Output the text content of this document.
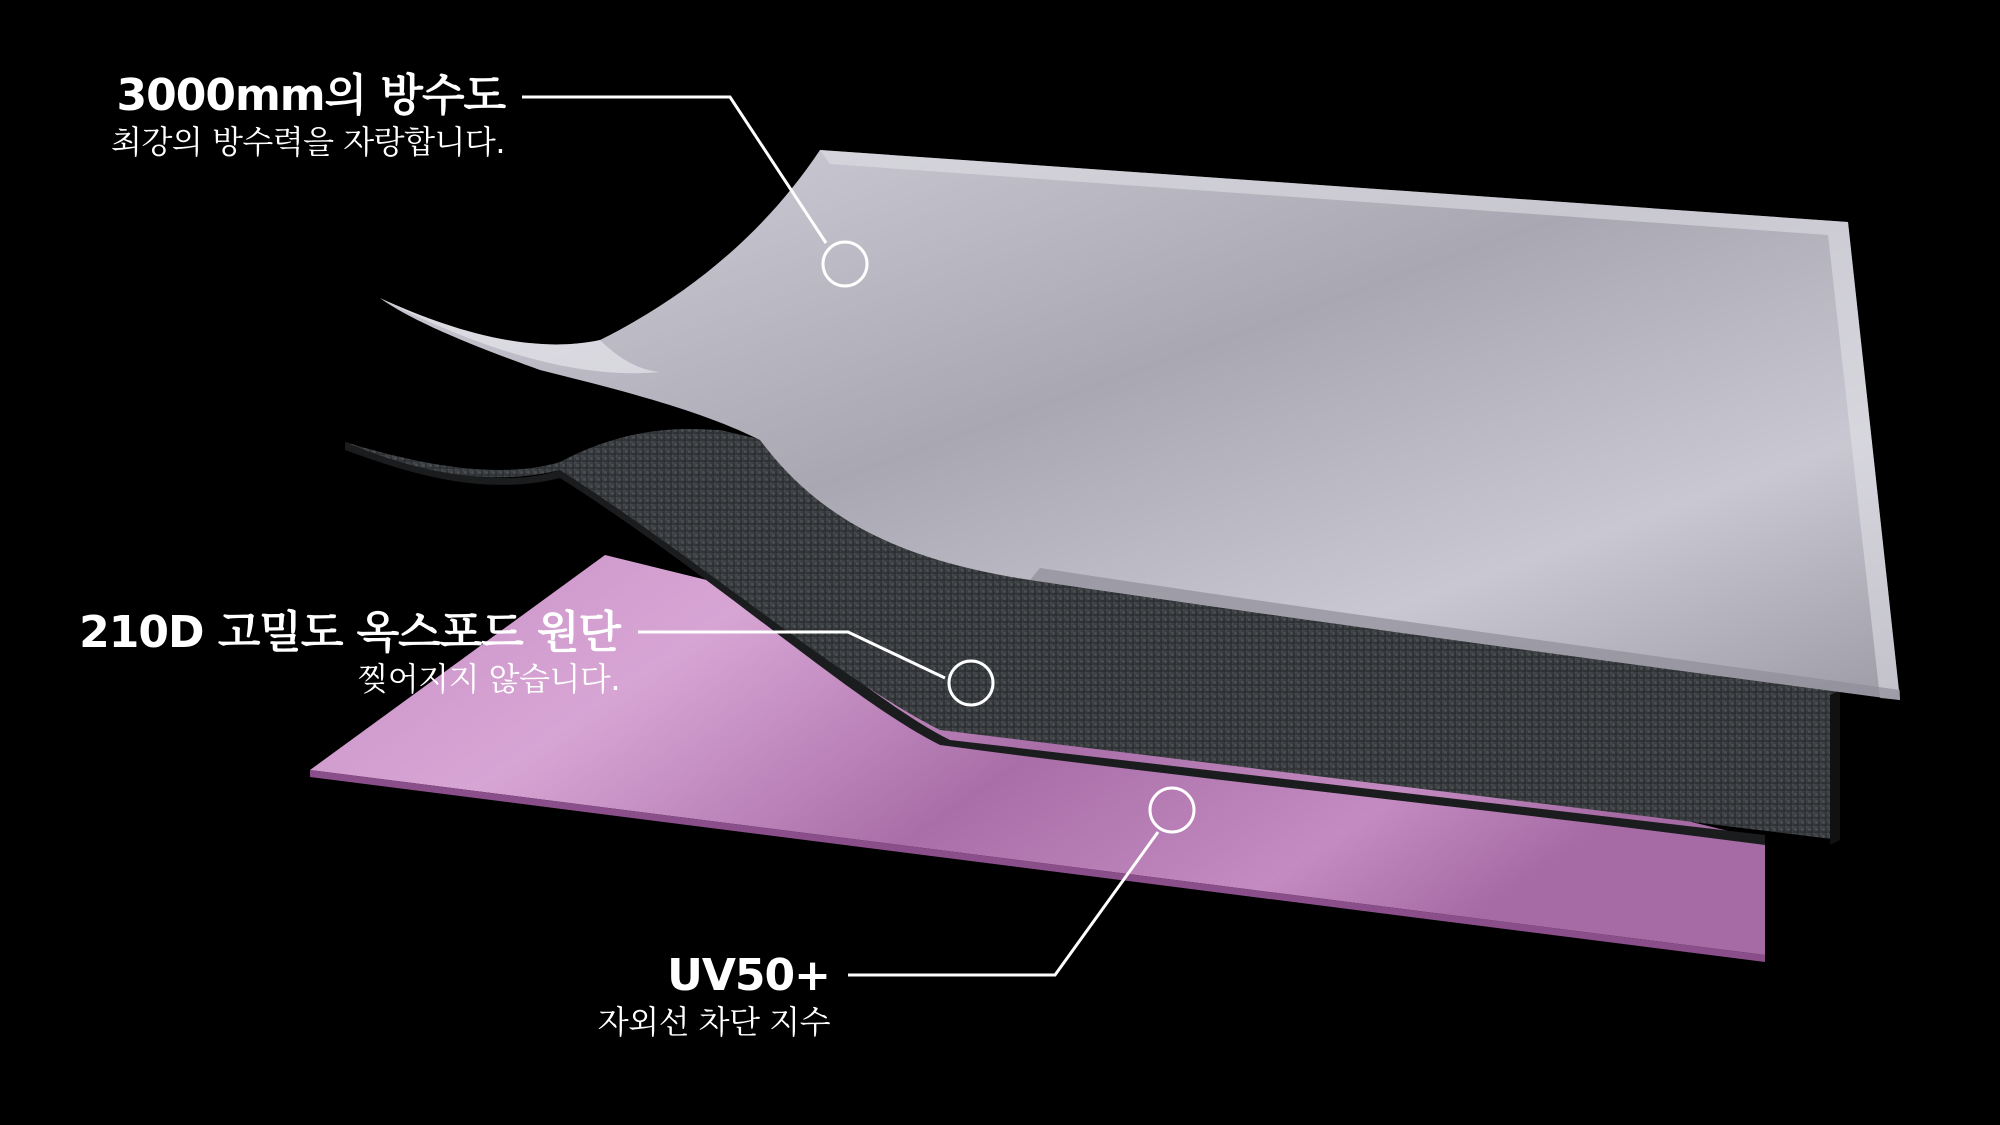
3000mm의 방수도
최강의 방수력을 자랑합니다.
210D 고밀도 옥스포드 원단
찢어지지 않습니다.
UV50+
자외선 차단 지수
